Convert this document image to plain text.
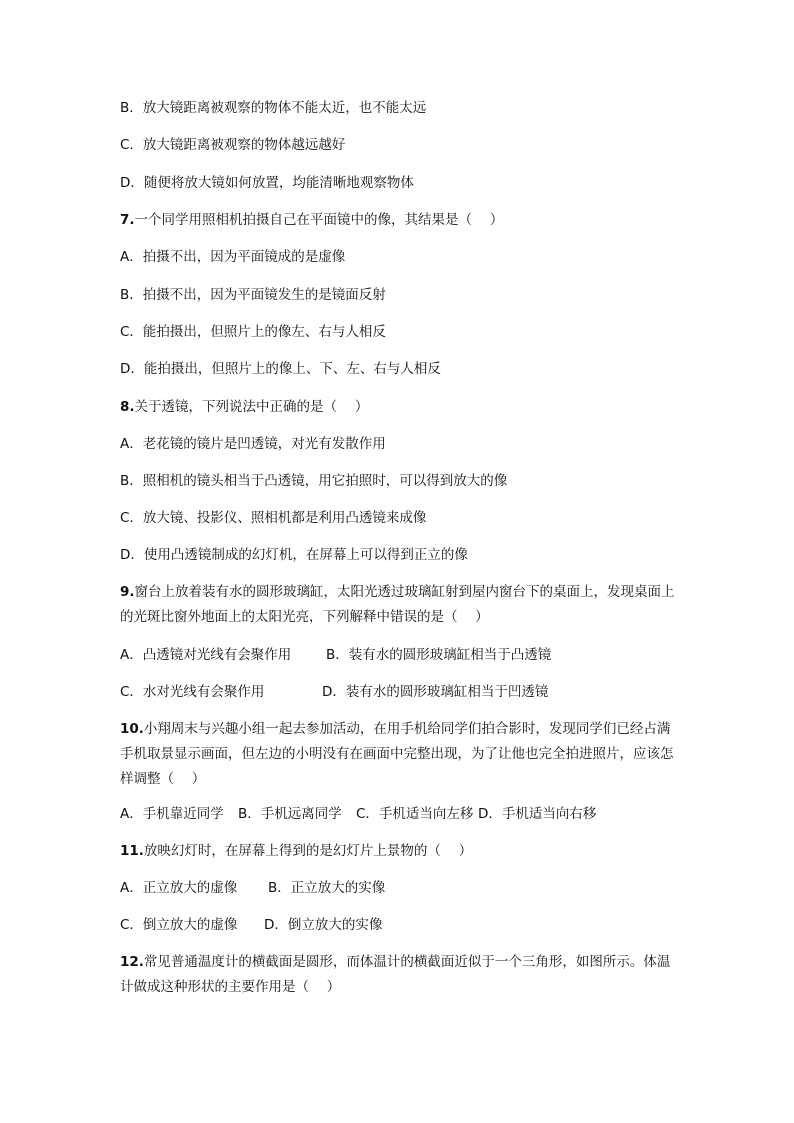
B．放大镜距离被观察的物体不能太近，也不能太远
C．放大镜距离被观察的物体越远越好
D．随便将放大镜如何放置，均能清晰地观察物体
7.一个同学用照相机拍摄自己在平面镜中的像，其结果是（　 ）
A．拍摄不出，因为平面镜成的是虚像
B．拍摄不出，因为平面镜发生的是镜面反射
C．能拍摄出，但照片上的像左、右与人相反
D．能拍摄出，但照片上的像上、下、左、右与人相反
8.关于透镜，下列说法中正确的是（　 ）
A．老花镜的镜片是凹透镜，对光有发散作用
B．照相机的镜头相当于凸透镜，用它拍照时，可以得到放大的像
C．放大镜、投影仪、照相机都是利用凸透镜来成像
D．使用凸透镜制成的幻灯机，在屏幕上可以得到正立的像
9.窗台上放着装有水的圆形玻璃缸，太阳光透过玻璃缸射到屋内窗台下的桌面上，发现桌面上的光斑比窗外地面上的太阳光亮，下列解释中错误的是（　 ）
A．凸透镜对光线有会聚作用	B．装有水的圆形玻璃缸相当于凸透镜
C．水对光线有会聚作用	D．装有水的圆形玻璃缸相当于凹透镜
10.小翔周末与兴趣小组一起去参加活动，在用手机给同学们拍合影时，发现同学们已经占满手机取景显示画面，但左边的小明没有在画面中完整出现，为了让他也完全拍进照片，应该怎样调整（　 ）
A．手机靠近同学 B．手机远离同学 C．手机适当向左移 D．手机适当向右移
11.放映幻灯时，在屏幕上得到的是幻灯片上景物的（　 ）
A．正立放大的虚像 B．正立放大的实像
C．倒立放大的虚像 D．倒立放大的实像
12.常见普通温度计的横截面是圆形，而体温计的横截面近似于一个三角形，如图所示。体温计做成这种形状的主要作用是（　 ）
